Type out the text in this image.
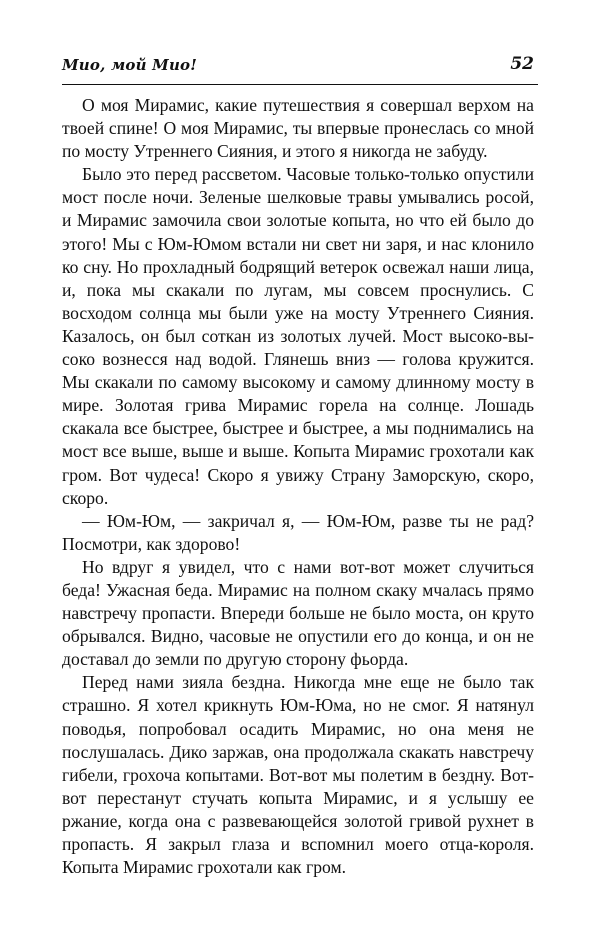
Мио, мой Мио!	52

О моя Мирамис, какие путешествия я совершал верхом на твоей спине! О моя Мирамис, ты впервые пронеслась со мной по мосту Утреннего Сияния, и этого я никогда не забуду.

Было это перед рассветом. Часовые только-только опустили мост после ночи. Зеленые шелковые травы умывались росой, и Мирамис замочила свои золотые копыта, но что ей было до этого! Мы с Юм-Юмом встали ни свет ни заря, и нас клонило ко сну. Но прохладный бодрящий ветерок освежал наши лица, и, пока мы скакали по лугам, мы совсем проснулись. С восходом солнца мы были уже на мосту Утреннего Сияния. Казалось, он был соткан из золотых лучей. Мост высоко-высоко вознесся над водой. Глянешь вниз — голова кружится. Мы скакали по самому высокому и самому длинному мосту в мире. Золотая грива Мирамис горела на солнце. Лошадь скакала все быстрее, быстрее и быстрее, а мы поднимались на мост все выше, выше и выше. Копыта Мирамис грохотали как гром. Вот чудеса! Скоро я увижу Страну Заморскую, скоро, скоро.

— Юм-Юм, — закричал я, — Юм-Юм, разве ты не рад? Посмотри, как здорово!

Но вдруг я увидел, что с нами вот-вот может случиться беда! Ужасная беда. Мирамис на полном скаку мчалась прямо навстречу пропасти. Впереди больше не было моста, он круто обрывался. Видно, часовые не опустили его до конца, и он не доставал до земли по другую сторону фьорда.

Перед нами зияла бездна. Никогда мне еще не было так страшно. Я хотел крикнуть Юм-Юма, но не смог. Я натянул поводья, попробовал осадить Мирамис, но она меня не послушалась. Дико заржав, она продолжала скакать навстречу гибели, грохоча копытами. Вот-вот мы полетим в бездну. Вот-вот перестанут стучать копыта Мирамис, и я услышу ее ржание, когда она с развевающейся золотой гривой рухнет в пропасть. Я закрыл глаза и вспомнил моего отца-короля. Копыта Мирамис грохотали как гром.
